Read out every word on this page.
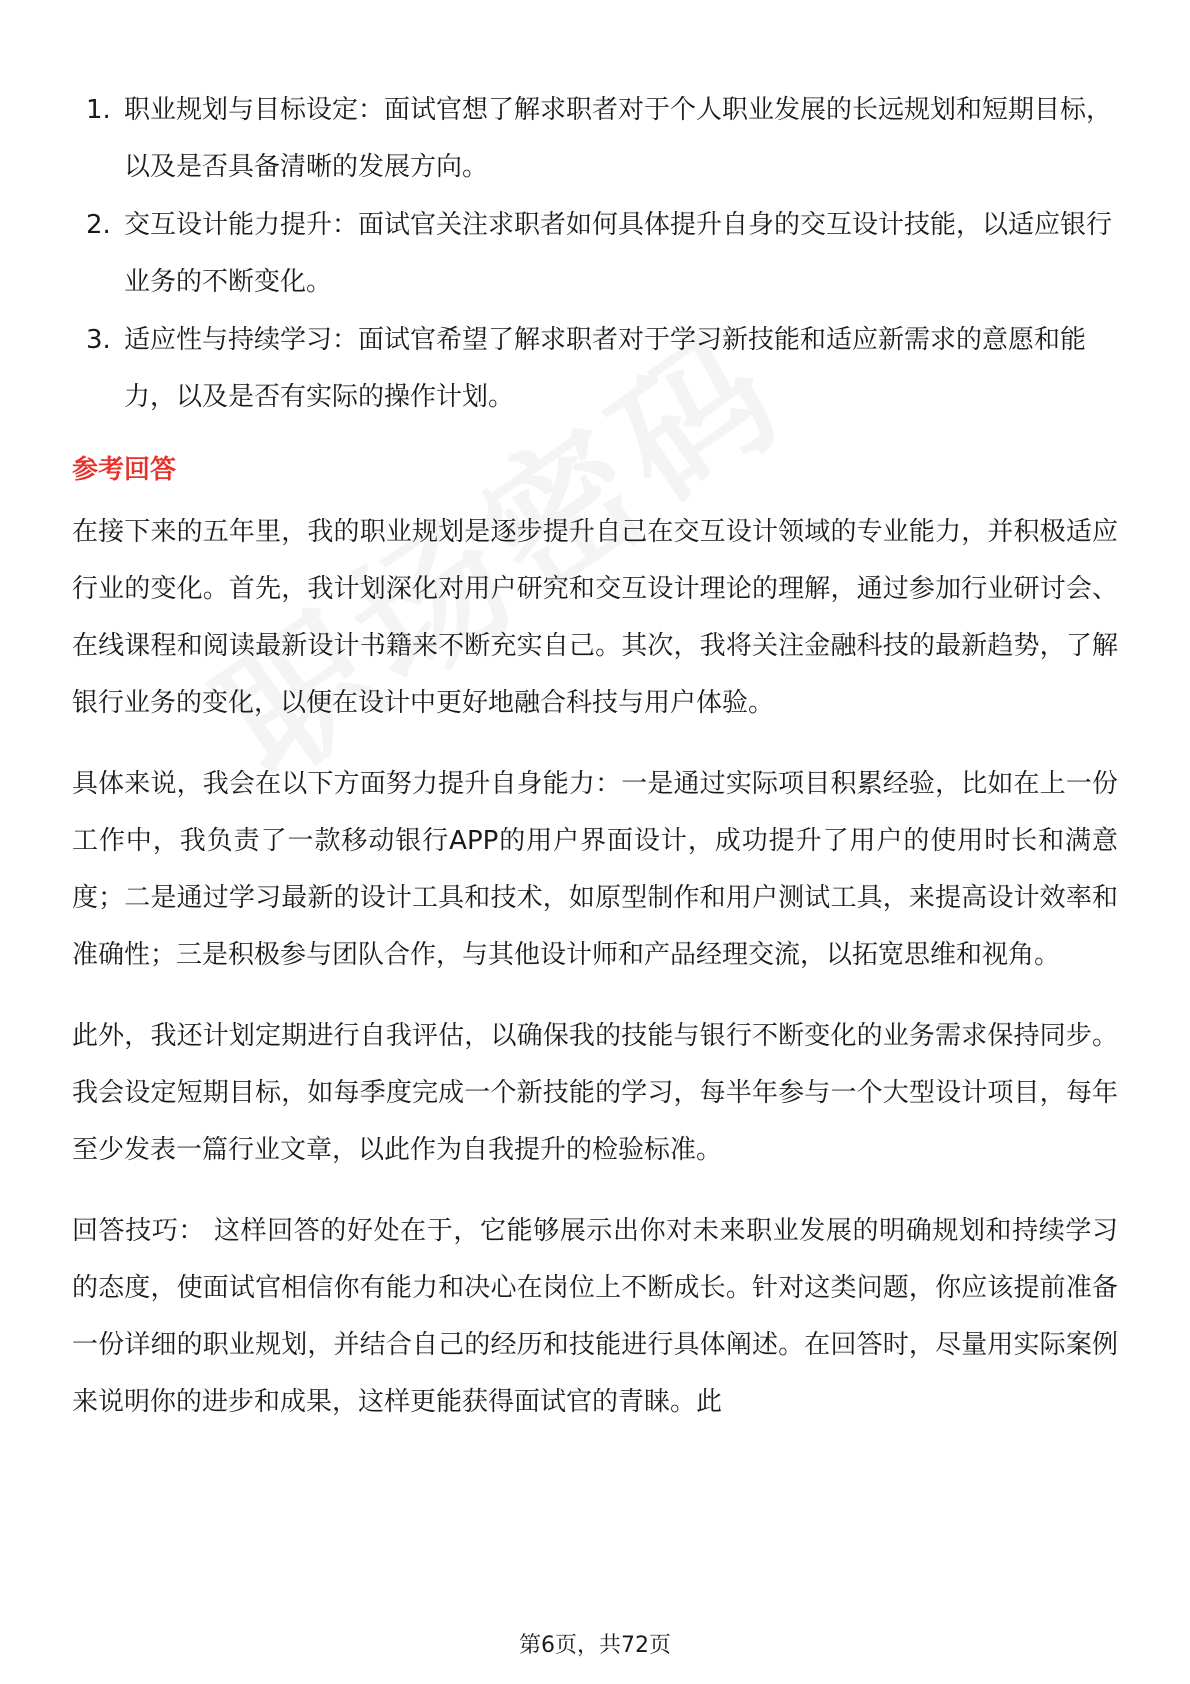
1. 职业规划与目标设定：面试官想了解求职者对于个人职业发展的长远规划和短期目标，以及是否具备清晰的发展方向。
2. 交互设计能力提升：面试官关注求职者如何具体提升自身的交互设计技能，以适应银行业务的不断变化。
3. 适应性与持续学习：面试官希望了解求职者对于学习新技能和适应新需求的意愿和能力，以及是否有实际的操作计划。
参考回答

在接下来的五年里，我的职业规划是逐步提升自己在交互设计领域的专业能力，并积极适应行业的变化。首先，我计划深化对用户研究和交互设计理论的理解，通过参加行业研讨会、在线课程和阅读最新设计书籍来不断充实自己。其次，我将关注金融科技的最新趋势，了解银行业务的变化，以便在设计中更好地融合科技与用户体验。

具体来说，我会在以下方面努力提升自身能力：一是通过实际项目积累经验，比如在上一份工作中，我负责了一款移动银行APP的用户界面设计，成功提升了用户的使用时长和满意度；二是通过学习最新的设计工具和技术，如原型制作和用户测试工具，来提高设计效率和准确性；三是积极参与团队合作，与其他设计师和产品经理交流，以拓宽思维和视角。

此外，我还计划定期进行自我评估，以确保我的技能与银行不断变化的业务需求保持同步。我会设定短期目标，如每季度完成一个新技能的学习，每半年参与一个大型设计项目，每年至少发表一篇行业文章，以此作为自我提升的检验标准。

回答技巧： 这样回答的好处在于，它能够展示出你对未来职业发展的明确规划和持续学习的态度，使面试官相信你有能力和决心在岗位上不断成长。针对这类问题，你应该提前准备一份详细的职业规划，并结合自己的经历和技能进行具体阐述。在回答时，尽量用实际案例来说明你的进步和成果，这样更能获得面试官的青睐。此

第6页，共72页
